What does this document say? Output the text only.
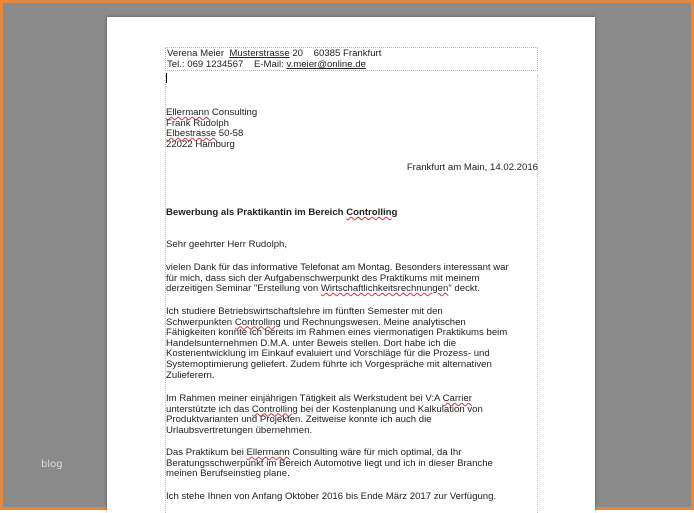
blog
Verena Meier Musterstrasse 20 60385 Frankfurt
Tel.: 069 1234567 E-Mail: v.meier@online.de
Ellermann Consulting
Frank Rudolph
Elbestrasse 50-58
22022 Hamburg
Frankfurt am Main, 14.02.2016
Bewerbung als Praktikantin im Bereich Controlling
Sehr geehrter Herr Rudolph,
vielen Dank für das informative Telefonat am Montag. Besonders interessant war
für mich, dass sich der Aufgabenschwerpunkt des Praktikums mit meinem
derzeitigen Seminar "Erstellung von Wirtschaftlichkeitsrechnungen" deckt.
Ich studiere Betriebswirtschaftslehre im fünften Semester mit den
Schwerpunkten Controlling und Rechnungswesen. Meine analytischen
Fähigkeiten konnte ich bereits im Rahmen eines viermonatigen Praktikums beim
Handelsunternehmen D.M.A. unter Beweis stellen. Dort habe ich die
Kostenentwicklung im Einkauf evaluiert und Vorschläge für die Prozess- und
Systemoptimierung geliefert. Zudem führte ich Vorgespräche mit alternativen
Zulieferern.
Im Rahmen meiner einjährigen Tätigkeit als Werkstudent bei V:A Carrier
unterstützte ich das Controlling bei der Kostenplanung und Kalkulation von
Produktvarianten und Projekten. Zeitweise konnte ich auch die
Urlaubsvertretungen übernehmen.
Das Praktikum bei Ellermann Consulting wäre für mich optimal, da Ihr
Beratungsschwerpunkt im Bereich Automotive liegt und ich in dieser Branche
meinen Berufseinstieg plane.
Ich stehe Ihnen von Anfang Oktober 2016 bis Ende März 2017 zur Verfügung.
